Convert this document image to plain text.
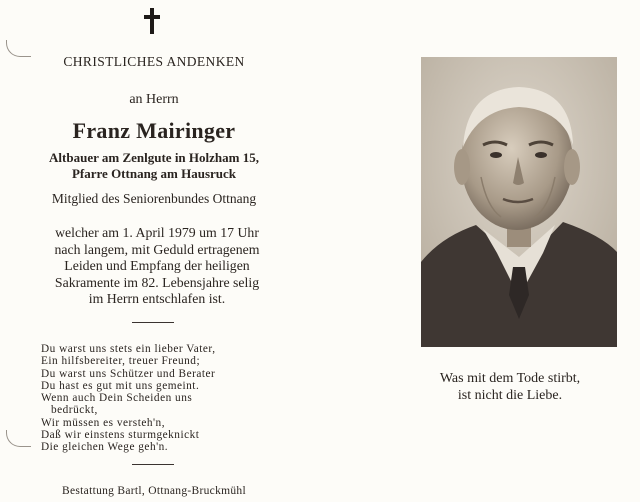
CHRISTLICHES ANDENKEN
an Herrn
Franz Mairinger
Altbauer am Zenlgute in Holzham 15,
Pfarre Ottnang am Hausruck
Mitglied des Seniorenbundes Ottnang
welcher am 1. April 1979 um 17 Uhr
nach langem, mit Geduld ertragenem
Leiden und Empfang der heiligen
Sakramente im 82. Lebensjahre selig
im Herrn entschlafen ist.
Du warst uns stets ein lieber Vater,
Ein hilfsbereiter, treuer Freund;
Du warst uns Schützer und Berater
Du hast es gut mit uns gemeint.
Wenn auch Dein Scheiden uns
bedrückt,
Wir müssen es versteh'n,
Daß wir einstens sturmgeknickt
Die gleichen Wege geh'n.
Bestattung Bartl, Ottnang-Bruckmühl
Was mit dem Tode stirbt,
ist nicht die Liebe.
